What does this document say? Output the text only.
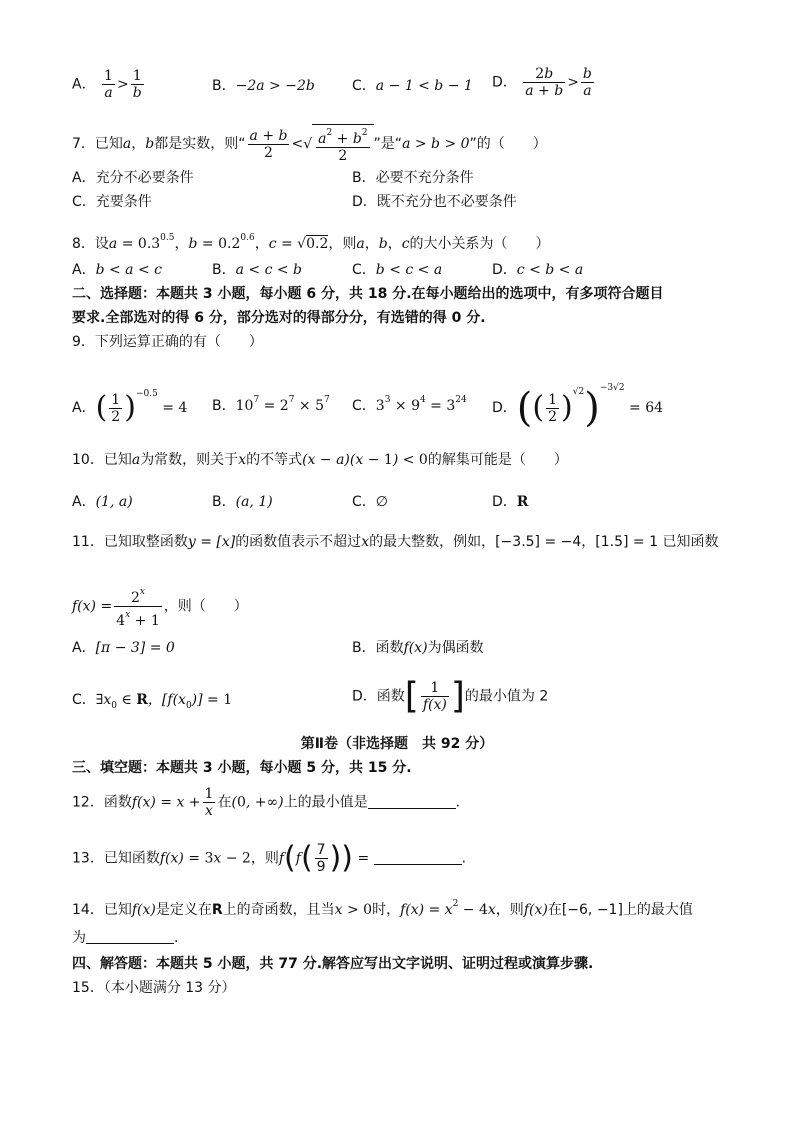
A． $\frac{1}{a} > \frac{1}{b}$	B．−2a > −2b	C．a − 1 < b − 1 D． $\frac{2b}{a + b} > \frac{b}{a}$
7．已知a，b都是实数，则“ $\frac{a + b}{2}$ <√ $\frac{a^2 + b^2}{2}$ ”是“a > b > 0”的（　　）
A．充分不必要条件	B．必要不充分条件
C．充要条件	D．既不充分也不必要条件
8．设$a = 0.3^{0.5}$，$b = 0.2^{0.6}$，c = √0.2，则a，b，c的大小关系为（　　）
A．b < a < c	B．a < c < b	C．b < c < a	D．c < b < a
二、选择题：本题共 3 小题，每小题 6 分，共 18 分.在每小题给出的选项中，有多项符合题目
要求.全部选对的得 6 分，部分选对的得部分分，有选错的得 0 分.
9．下列运算正确的有（　　）
A．( $\frac{1}{2} )^{-0.5} = 4$ B．$10^7 = 2^7 \times 5^7$ C．$3^3 \times 9^4 = 3^{24}$ D．(( $\frac{1}{2} )^{√2})^{-3√2} = 64$
10．已知a为常数，则关于x的不等式(x − a)(x − 1) < 0的解集可能是（　　）
A．(1, a)	B．(a, 1)	C．∅	D．R
11．已知取整函数y = [x]的函数值表示不超过x的最大整数，例如，[−3.5] = −4，[1.5] = 1 已知函数
$f(x) = \frac{2^x}{4^x + 1}$ ，则（　　）
A．[π − 3] = 0	B．函数f(x)为偶函数
C．$\exists x_0$ ∈ R，$[f(x_0)] = 1$	D．函数[ $\frac{1}{f(x)}$ ]的最小值为 2
第Ⅱ卷（非选择题　共 92 分）
三、填空题：本题共 3 小题，每小题 5 分，共 15 分.
12．函数$f(x) = x + \frac{1}{x}$ 在(0, +∞)上的最小值是	.
13．已知函数f(x) = 3x − 2，则$f(f( \frac{7}{9}$ )) =	.
14．已知f(x)是定义在R上的奇函数，且当x > 0时，$f(x) = x^2 - 4x$，则f(x)在[−6, −1]上的最大值
为	.
四、解答题：本题共 5 小题，共 77 分.解答应写出文字说明、证明过程或演算步骤.
15．（本小题满分 13 分）
